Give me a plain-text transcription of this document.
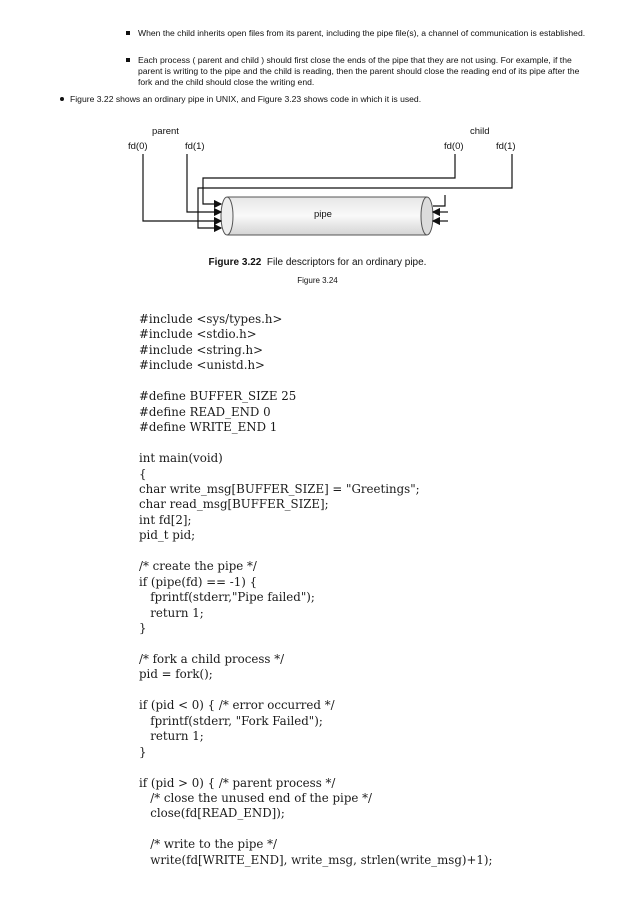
When the child inherits open files from its parent, including the pipe file(s), a channel of communication is established.
Each process ( parent and child ) should first close the ends of the pipe that they are not using. For example, if the parent is writing to the pipe and the child is reading, then the parent should close the reading end of its pipe after the fork and the child should close the writing end.
Figure 3.22 shows an ordinary pipe in UNIX, and Figure 3.23 shows code in which it is used.
parent	child
fd(0)	fd(1)	fd(0)	fd(1)
pipe
Figure 3.22 File descriptors for an ordinary pipe.
Figure 3.24
#include <sys/types.h>
#include <stdio.h>
#include <string.h>
#include <unistd.h>
#define BUFFER_SIZE 25
#define READ_END 0
#define WRITE_END 1
int main(void)
{
char write_msg[BUFFER_SIZE] = "Greetings";
char read_msg[BUFFER_SIZE];
int fd[2];
pid_t pid;
/* create the pipe */
if (pipe(fd) == -1) {
fprintf(stderr,"Pipe failed");
return 1;
}
/* fork a child process */
pid = fork();
if (pid < 0) { /* error occurred */
fprintf(stderr, "Fork Failed");
return 1;
}
if (pid > 0) { /* parent process */
/* close the unused end of the pipe */
close(fd[READ_END]);
/* write to the pipe */
write(fd[WRITE_END], write_msg, strlen(write_msg)+1);
